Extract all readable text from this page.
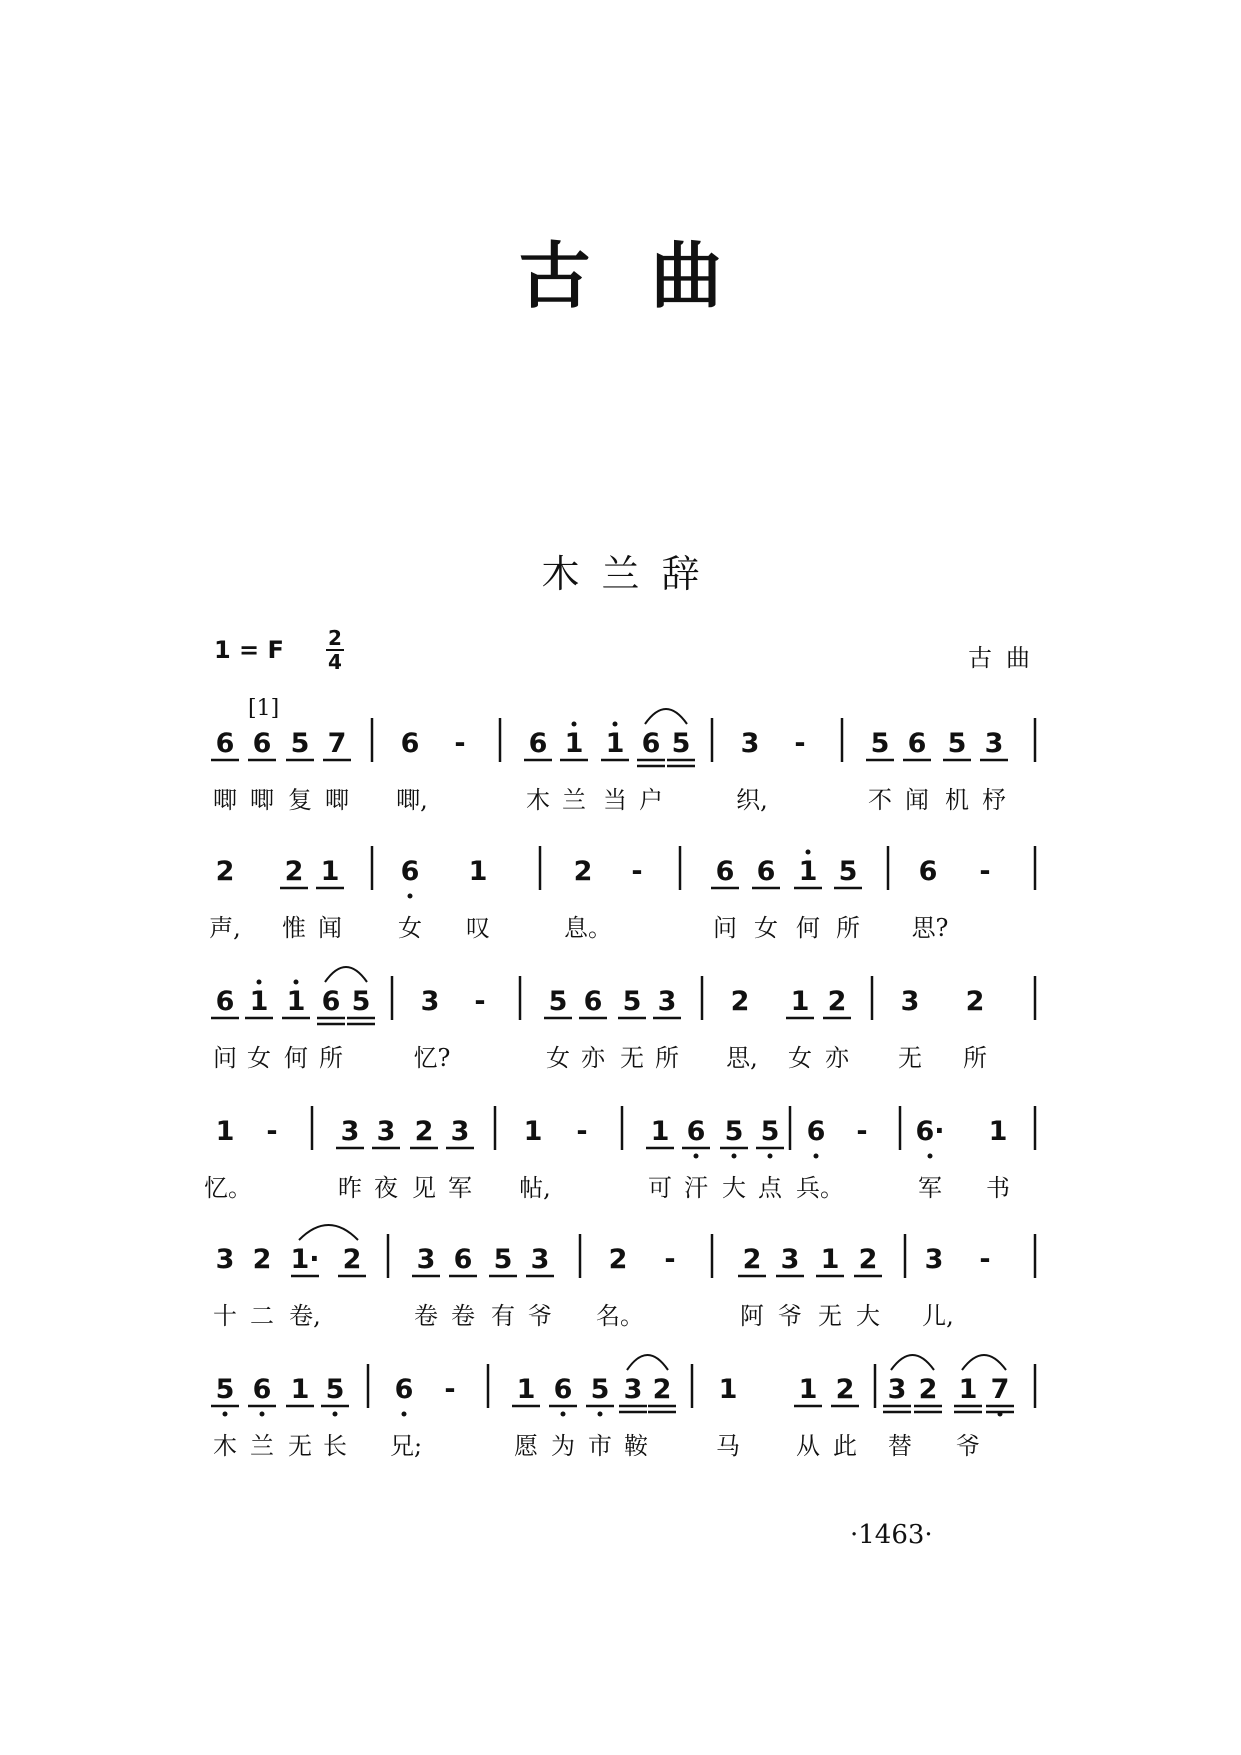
古曲
木兰辞
1 = F 2
4	古曲
[1]
6 6 5 7 6 - 6 1 1 6 5 3 - 5 6 5 3
唧 唧 复 唧 唧,	木 兰 当 户	织,	不 闻 机 杼
2 2 1 6 1	2 -	6 6 1 5 6 -
声, 惟 闻 女 叹	息。	问 女 何 所 思?
6 1 1 6 5 3 - 5 6 5 3 2 1 2 3 2
问 女 何 所	忆?	女 亦 无 所 思, 女 亦 无 所
1 - 3 3 2 3 1 - 1 6 5 5 6 - 6· 1
忆。	昨 夜 见 军 帖,	可 汗 大 点 兵。	军 书
3 2 1· 2 3 6 5 3 2 - 2 3 1 2 3 -
十 二 卷,	卷 卷 有 爷 名。	阿 爷 无 大 儿,
5 6 1 5 6 - 1 6 5 3 2 1 1 2 3 2 1 7
木 兰 无 长 兄;	愿 为 市 鞍	马 从 此 替 爷
·1463·
